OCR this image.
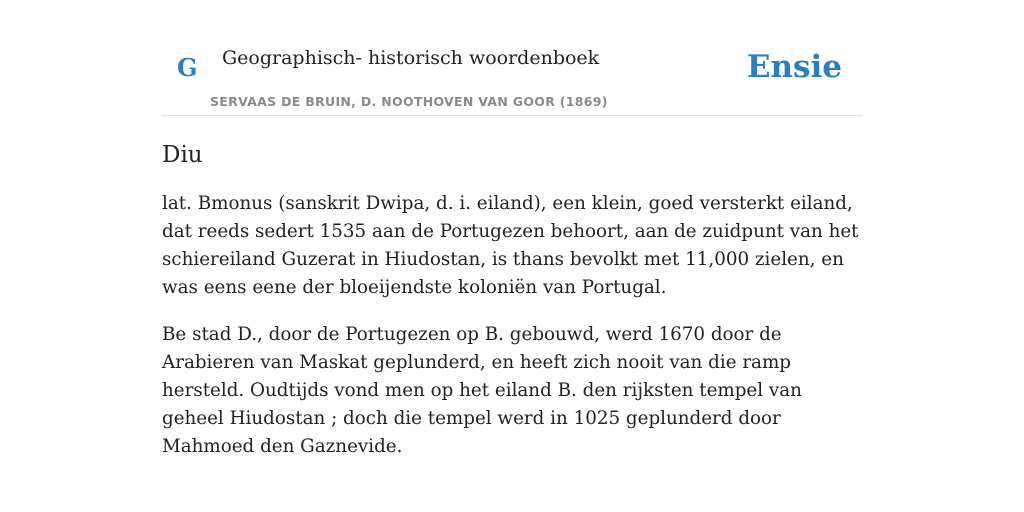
G Geographisch- historisch woordenboek
SERVAAS DE BRUIN, D. NOOTHOVEN VAN GOOR (1869)
Ensie
Diu

lat. Bmonus (sanskrit Dwipa, d. i. eiland), een klein, goed versterkt eiland, dat reeds sedert 1535 aan de Portugezen behoort, aan de zuidpunt van het schiereiland Guzerat in Hiudostan, is thans bevolkt met 11,000 zielen, en was eens eene der bloeijendste koloniën van Portugal.

Be stad D., door de Portugezen op B. gebouwd, werd 1670 door de Arabieren van Maskat geplunderd, en heeft zich nooit van die ramp hersteld. Oudtijds vond men op het eiland B. den rijksten tempel van geheel Hiudostan ; doch die tempel werd in 1025 geplunderd door Mahmoed den Gaznevide.
